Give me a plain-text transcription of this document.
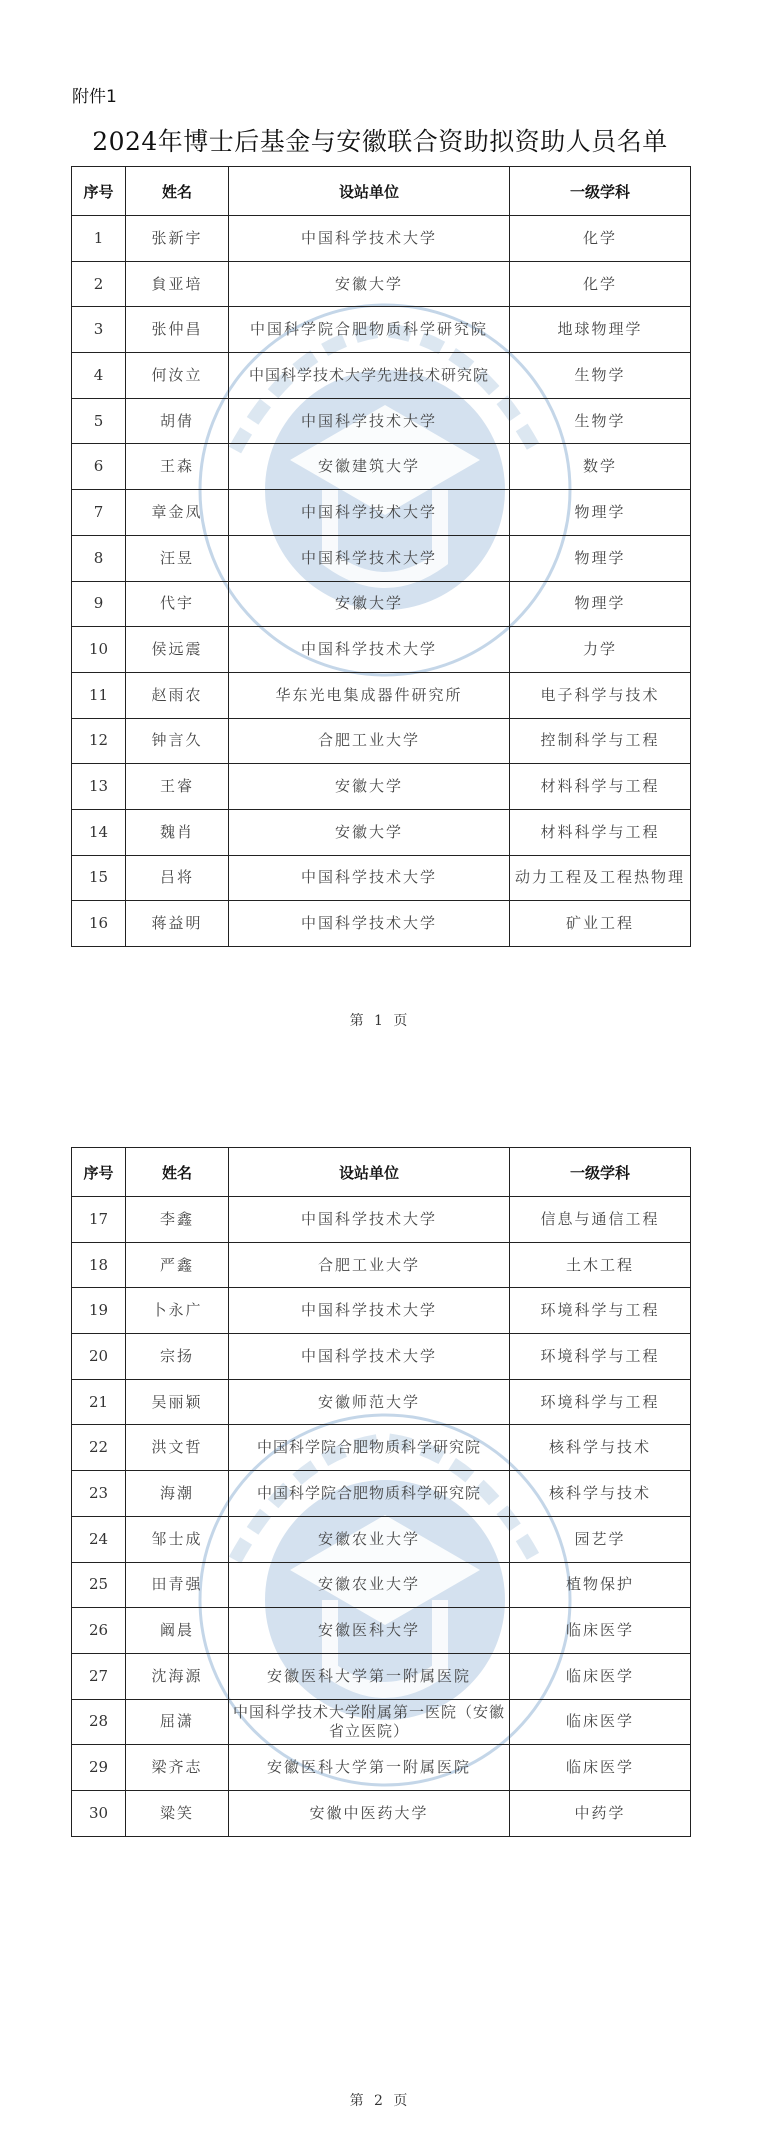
附件1
2024年博士后基金与安徽联合资助拟资助人员名单
序号	姓名	设站单位	一级学科
1	张新宇	中国科学技术大学	化学
2	貟亚培	安徽大学	化学
3	张仲昌	中国科学院合肥物质科学研究院	地球物理学
4	何汝立	中国科学技术大学先进技术研究院	生物学
5	胡倩	中国科学技术大学	生物学
6	王森	安徽建筑大学	数学
7	章金凤	中国科学技术大学	物理学
8	汪昱	中国科学技术大学	物理学
9	代宇	安徽大学	物理学
10	侯远震	中国科学技术大学	力学
11	赵雨农	华东光电集成器件研究所	电子科学与技术
12	钟言久	合肥工业大学	控制科学与工程
13	王睿	安徽大学	材料科学与工程
14	魏肖	安徽大学	材料科学与工程
15	吕将	中国科学技术大学	动力工程及工程热物理
16	蒋益明	中国科学技术大学	矿业工程
第 1 页
序号	姓名	设站单位	一级学科
17	李鑫	中国科学技术大学	信息与通信工程
18	严鑫	合肥工业大学	土木工程
19	卜永广	中国科学技术大学	环境科学与工程
20	宗扬	中国科学技术大学	环境科学与工程
21	吴丽颖	安徽师范大学	环境科学与工程
22	洪文哲	中国科学院合肥物质科学研究院	核科学与技术
23	海潮	中国科学院合肥物质科学研究院	核科学与技术
24	邹士成	安徽农业大学	园艺学
25	田青强	安徽农业大学	植物保护
26	阚晨	安徽医科大学	临床医学
27	沈海源	安徽医科大学第一附属医院	临床医学
28	屈潇	中国科学技术大学附属第一医院（安徽省立医院）	临床医学
29	梁齐志	安徽医科大学第一附属医院	临床医学
30	粱笑	安徽中医药大学	中药学
第 2 页
